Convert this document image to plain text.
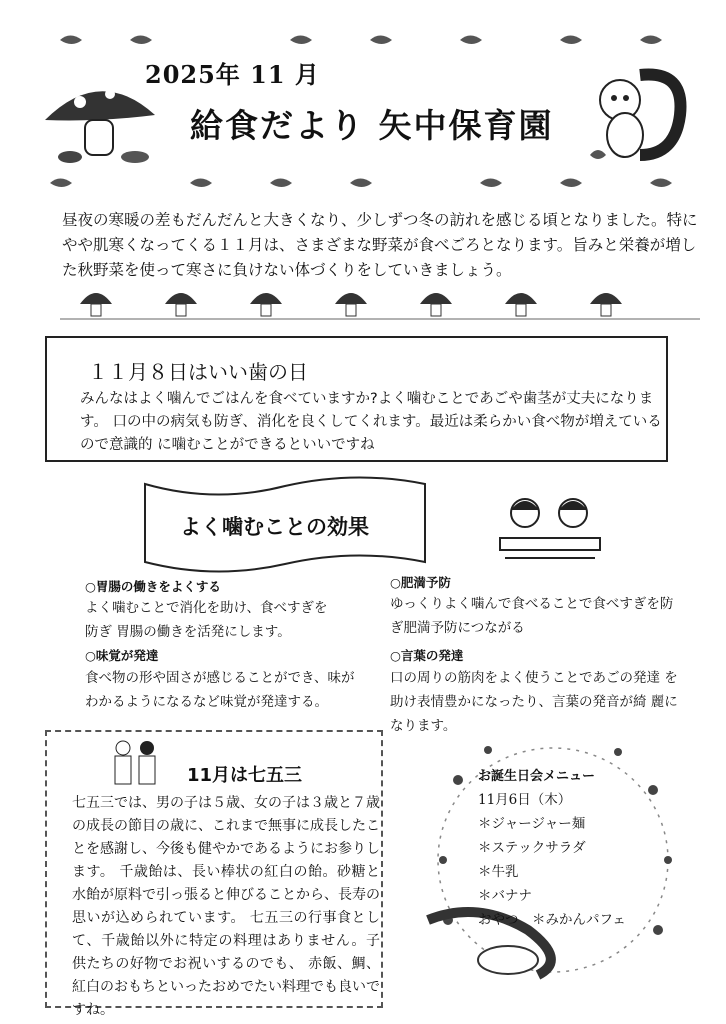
2025年 11 月
給食だより 矢中保育園
昼夜の寒暖の差もだんだんと大きくなり、少しずつ冬の訪れを感じる頃となりました。特にやや肌寒くなってくる１１月は、さまざまな野菜が食べごろとなります。旨みと栄養が増した秋野菜を使って寒さに負けない体づくりをしていきましょう。
１１月８日はいい歯の日
みんなはよく噛んでごはんを食べていますか?よく噛むことであごや歯茎が丈夫になります。 口の中の病気も防ぎ、消化を良くしてくれます。最近は柔らかい食べ物が増えているので意識的 に噛むことができるといいですね
よく噛むことの効果
○胃腸の働きをよくする
よく噛むことで消化を助け、食べすぎを防ぎ 胃腸の働きを活発にします。
○肥満予防
ゆっくりよく噛んで食べることで食べすぎを防ぎ肥満予防につながる
○味覚が発達
食べ物の形や固さが感じることができ、味がわかるようになるなど味覚が発達する。
○言葉の発達
口の周りの筋肉をよく使うことであごの発達 を助け表情豊かになったり、言葉の発音が綺 麗になります。
11月は七五三
七五三では、男の子は５歳、女の子は３歳と７歳の成長の節目の歳に、これまで無事に成長したことを感謝し、今後も健やかであるようにお参りします。 千歳飴は、長い棒状の紅白の飴。砂糖と水飴が原料で引っ張ると伸びることから、長寿の思いが込められています。 七五三の行事食として、千歳飴以外に特定の料理はありません。子供たちの好物でお祝いするのでも、 赤飯、鯛、紅白のおもちといったおめでたい料理でも良いですね。
お誕生日会メニュー
11月6日（木）
＊ジャージャー麺
＊ステックサラダ
＊牛乳
＊バナナ
おやつ　＊みかんパフェ
